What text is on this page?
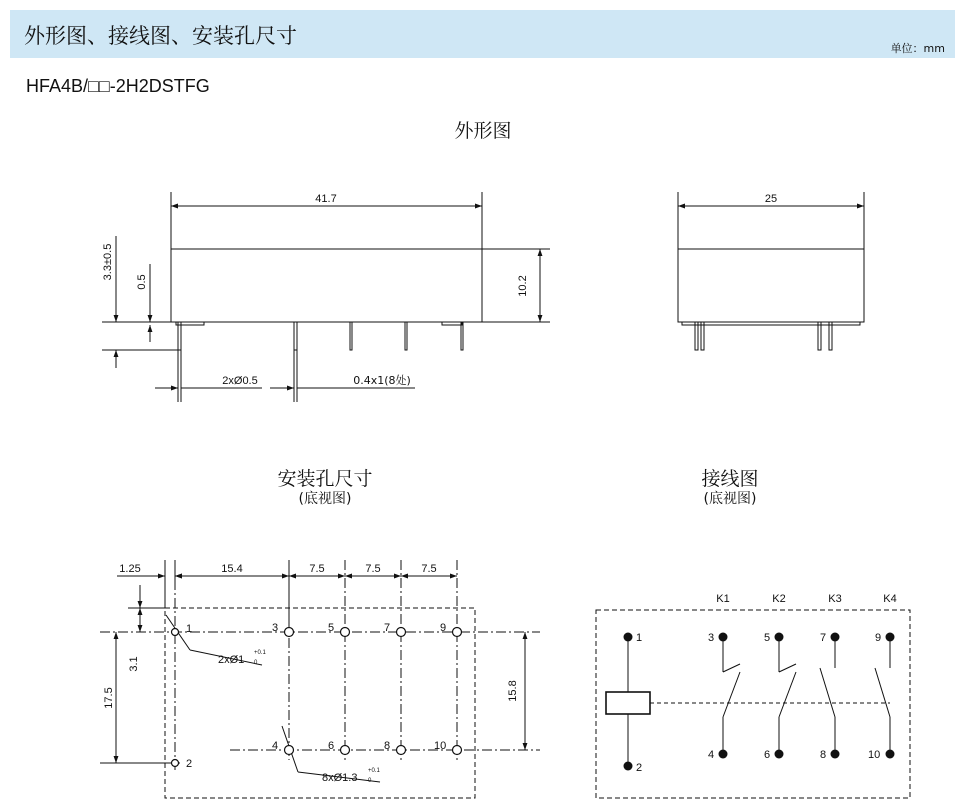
外形图、接线图、安装孔尺寸
单位：mm
HFA4B/□□-2H2DSTFG
外形图
安装孔尺寸
(底视图)
接线图
(底视图)
41.7
10.2
3.3±0.5
0.5
2xØ0.5	0.4x1(8处)
25
1.25	15.4	7.5	7.5	7.5
3.1
17.5	15.8
2xØ1
+0.1
0
8xØ1.3
+0.1
0
1
2
3
4
5
6
7
8
9
10
K1	K2	K3	K4
1
2
3
4
5
6
7
8
9
10
